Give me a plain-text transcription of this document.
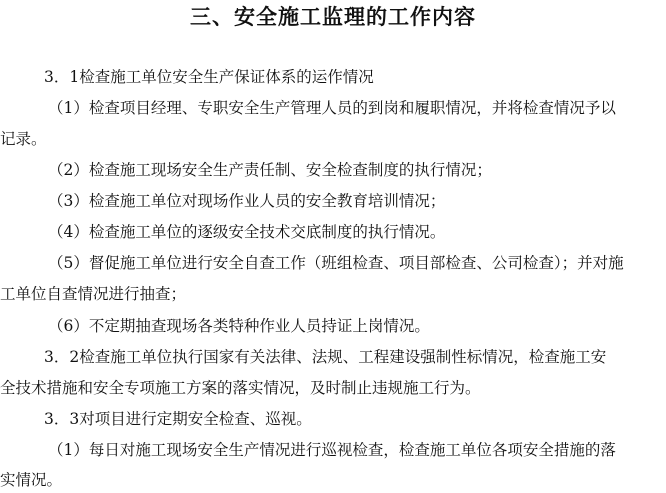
三、安全施工监理的工作内容
3．1检查施工单位安全生产保证体系的运作情况
（1）检查项目经理、专职安全生产管理人员的到岗和履职情况，并将检查情况予以
记录。
（2）检查施工现场安全生产责任制、安全检查制度的执行情况；
（3）检查施工单位对现场作业人员的安全教育培训情况；
（4）检查施工单位的逐级安全技术交底制度的执行情况。
（5）督促施工单位进行安全自查工作（班组检查、项目部检查、公司检查）；并对施
工单位自查情况进行抽查；
（6）不定期抽查现场各类特种作业人员持证上岗情况。
3．2检查施工单位执行国家有关法律、法规、工程建设强制性标情况，检查施工安
全技术措施和安全专项施工方案的落实情况，及时制止违规施工行为。
3．3对项目进行定期安全检查、巡视。
（1）每日对施工现场安全生产情况进行巡视检查，检查施工单位各项安全措施的落
实情况。
